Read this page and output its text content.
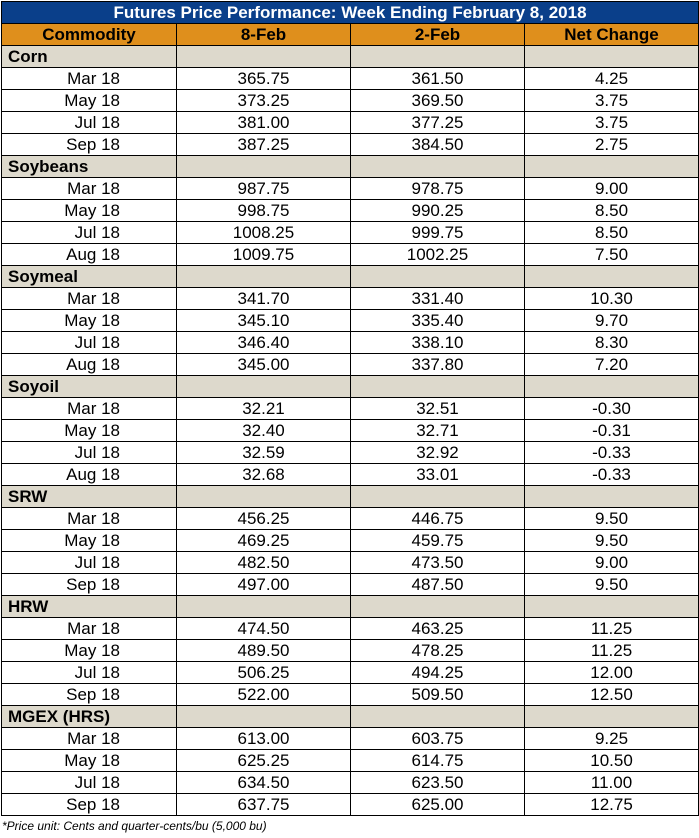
Futures Price Performance: Week Ending February 8, 2018			
Commodity	8-Feb	2-Feb	Net Change
Corn			
Mar 18	365.75	361.50	4.25
May 18	373.25	369.50	3.75
Jul 18	381.00	377.25	3.75
Sep 18	387.25	384.50	2.75
Soybeans			
Mar 18	987.75	978.75	9.00
May 18	998.75	990.25	8.50
Jul 18	1008.25	999.75	8.50
Aug 18	1009.75	1002.25	7.50
Soymeal			
Mar 18	341.70	331.40	10.30
May 18	345.10	335.40	9.70
Jul 18	346.40	338.10	8.30
Aug 18	345.00	337.80	7.20
Soyoil			
Mar 18	32.21	32.51	-0.30
May 18	32.40	32.71	-0.31
Jul 18	32.59	32.92	-0.33
Aug 18	32.68	33.01	-0.33
SRW			
Mar 18	456.25	446.75	9.50
May 18	469.25	459.75	9.50
Jul 18	482.50	473.50	9.00
Sep 18	497.00	487.50	9.50
HRW			
Mar 18	474.50	463.25	11.25
May 18	489.50	478.25	11.25
Jul 18	506.25	494.25	12.00
Sep 18	522.00	509.50	12.50
MGEX (HRS)			
Mar 18	613.00	603.75	9.25
May 18	625.25	614.75	10.50
Jul 18	634.50	623.50	11.00
Sep 18	637.75	625.00	12.75
*Price unit: Cents and quarter-cents/bu (5,000 bu)
